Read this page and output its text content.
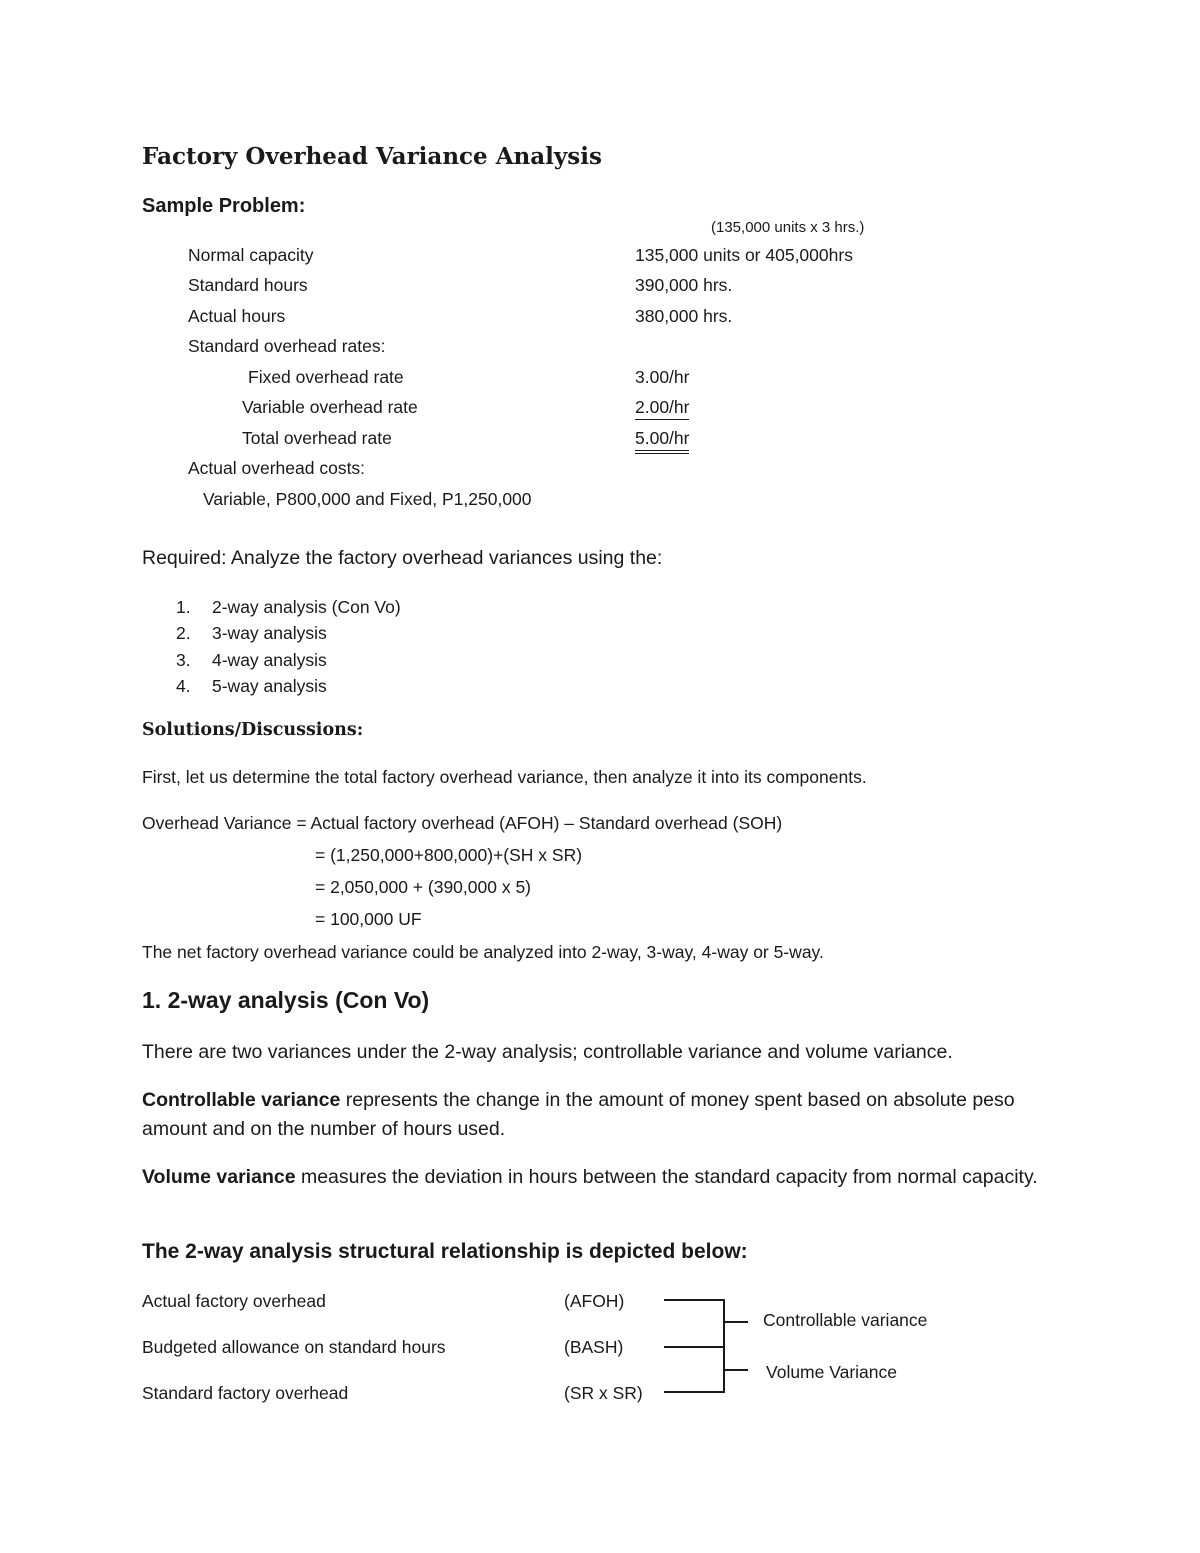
Factory Overhead Variance Analysis
Sample Problem:
(135,000 units x 3 hrs.)
Normal capacity	135,000 units or 405,000hrs
Standard hours	390,000 hrs.
Actual hours	380,000 hrs.
Standard overhead rates:
Fixed overhead rate	3.00/hr
Variable overhead rate	2.00/hr
Total overhead rate	5.00/hr
Actual overhead costs:
Variable, P800,000 and Fixed, P1,250,000
Required: Analyze the factory overhead variances using the:
1. 2-way analysis (Con Vo)
2. 3-way analysis
3. 4-way analysis
4. 5-way analysis
Solutions/Discussions:
First, let us determine the total factory overhead variance, then analyze it into its components.
Overhead Variance = Actual factory overhead (AFOH) – Standard overhead (SOH)
= (1,250,000+800,000)+(SH x SR)
= 2,050,000 + (390,000 x 5)
= 100,000 UF
The net factory overhead variance could be analyzed into 2-way, 3-way, 4-way or 5-way.
1. 2-way analysis (Con Vo)
There are two variances under the 2-way analysis; controllable variance and volume variance.
Controllable variance represents the change in the amount of money spent based on absolute peso amount and on the number of hours used.
Volume variance measures the deviation in hours between the standard capacity from normal capacity.
The 2-way analysis structural relationship is depicted below:
Actual factory overhead	(AFOH)
Budgeted allowance on standard hours	(BASH)
Standard factory overhead	(SR x SR)
Controllable variance
Volume Variance
